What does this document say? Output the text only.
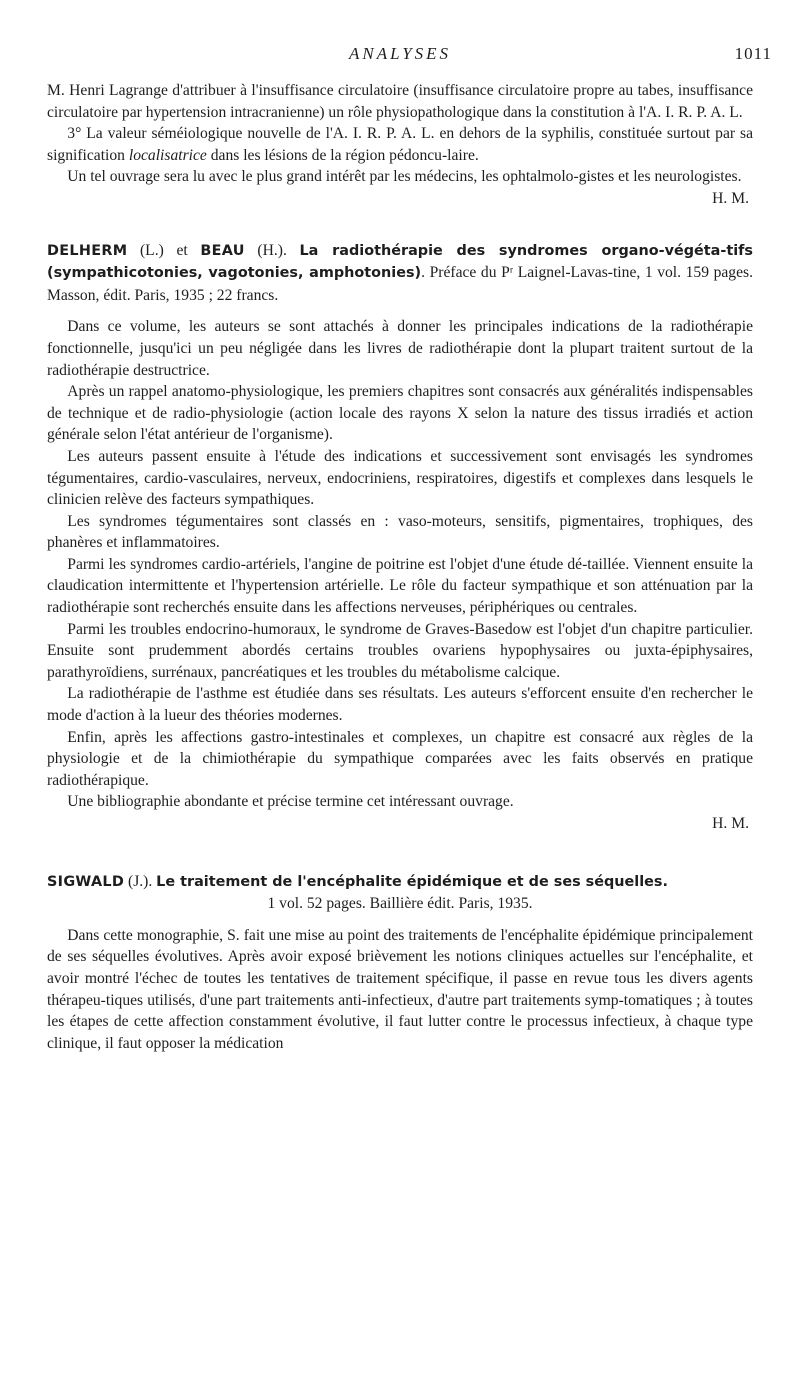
ANALYSES	1011

M. Henri Lagrange d'attribuer à l'insuffisance circulatoire (insuffisance circulatoire propre au tabes, insuffisance circulatoire par hypertension intracranienne) un rôle physiopathologique dans la constitution à l'A. I. R. P. A. L.

3° La valeur séméiologique nouvelle de l'A. I. R. P. A. L. en dehors de la syphilis, constituée surtout par sa signification localisatrice dans les lésions de la région pédoncu-laire.

Un tel ouvrage sera lu avec le plus grand intérêt par les médecins, les ophtalmolo-gistes et les neurologistes.

H. M.

DELHERM (L.) et BEAU (H.). La radiothérapie des syndromes organo-végéta-tifs (sympathicotonies, vagotonies, amphotonies). Préface du Pʳ Laignel-Lavas-tine, 1 vol. 159 pages. Masson, édit. Paris, 1935 ; 22 francs.

Dans ce volume, les auteurs se sont attachés à donner les principales indications de la radiothérapie fonctionnelle, jusqu'ici un peu négligée dans les livres de radiothérapie dont la plupart traitent surtout de la radiothérapie destructrice.

Après un rappel anatomo-physiologique, les premiers chapitres sont consacrés aux généralités indispensables de technique et de radio-physiologie (action locale des rayons X selon la nature des tissus irradiés et action générale selon l'état antérieur de l'organisme).

Les auteurs passent ensuite à l'étude des indications et successivement sont envisagés les syndromes tégumentaires, cardio-vasculaires, nerveux, endocriniens, respiratoires, digestifs et complexes dans lesquels le clinicien relève des facteurs sympathiques.

Les syndromes tégumentaires sont classés en : vaso-moteurs, sensitifs, pigmentaires, trophiques, des phanères et inflammatoires.

Parmi les syndromes cardio-artériels, l'angine de poitrine est l'objet d'une étude dé-taillée. Viennent ensuite la claudication intermittente et l'hypertension artérielle. Le rôle du facteur sympathique et son atténuation par la radiothérapie sont recherchés ensuite dans les affections nerveuses, périphériques ou centrales.

Parmi les troubles endocrino-humoraux, le syndrome de Graves-Basedow est l'objet d'un chapitre particulier. Ensuite sont prudemment abordés certains troubles ovariens hypophysaires ou juxta-épiphysaires, parathyroïdiens, surrénaux, pancréatiques et les troubles du métabolisme calcique.

La radiothérapie de l'asthme est étudiée dans ses résultats. Les auteurs s'efforcent ensuite d'en rechercher le mode d'action à la lueur des théories modernes.

Enfin, après les affections gastro-intestinales et complexes, un chapitre est consacré aux règles de la physiologie et de la chimiothérapie du sympathique comparées avec les faits observés en pratique radiothérapique.

Une bibliographie abondante et précise termine cet intéressant ouvrage.

H. M.

SIGWALD (J.). Le traitement de l'encéphalite épidémique et de ses séquelles.
1 vol. 52 pages. Baillière édit. Paris, 1935.

Dans cette monographie, S. fait une mise au point des traitements de l'encéphalite épidémique principalement de ses séquelles évolutives. Après avoir exposé brièvement les notions cliniques actuelles sur l'encéphalite, et avoir montré l'échec de toutes les tentatives de traitement spécifique, il passe en revue tous les divers agents thérapeu-tiques utilisés, d'une part traitements anti-infectieux, d'autre part traitements symp-tomatiques ; à toutes les étapes de cette affection constamment évolutive, il faut lutter contre le processus infectieux, à chaque type clinique, il faut opposer la médication
